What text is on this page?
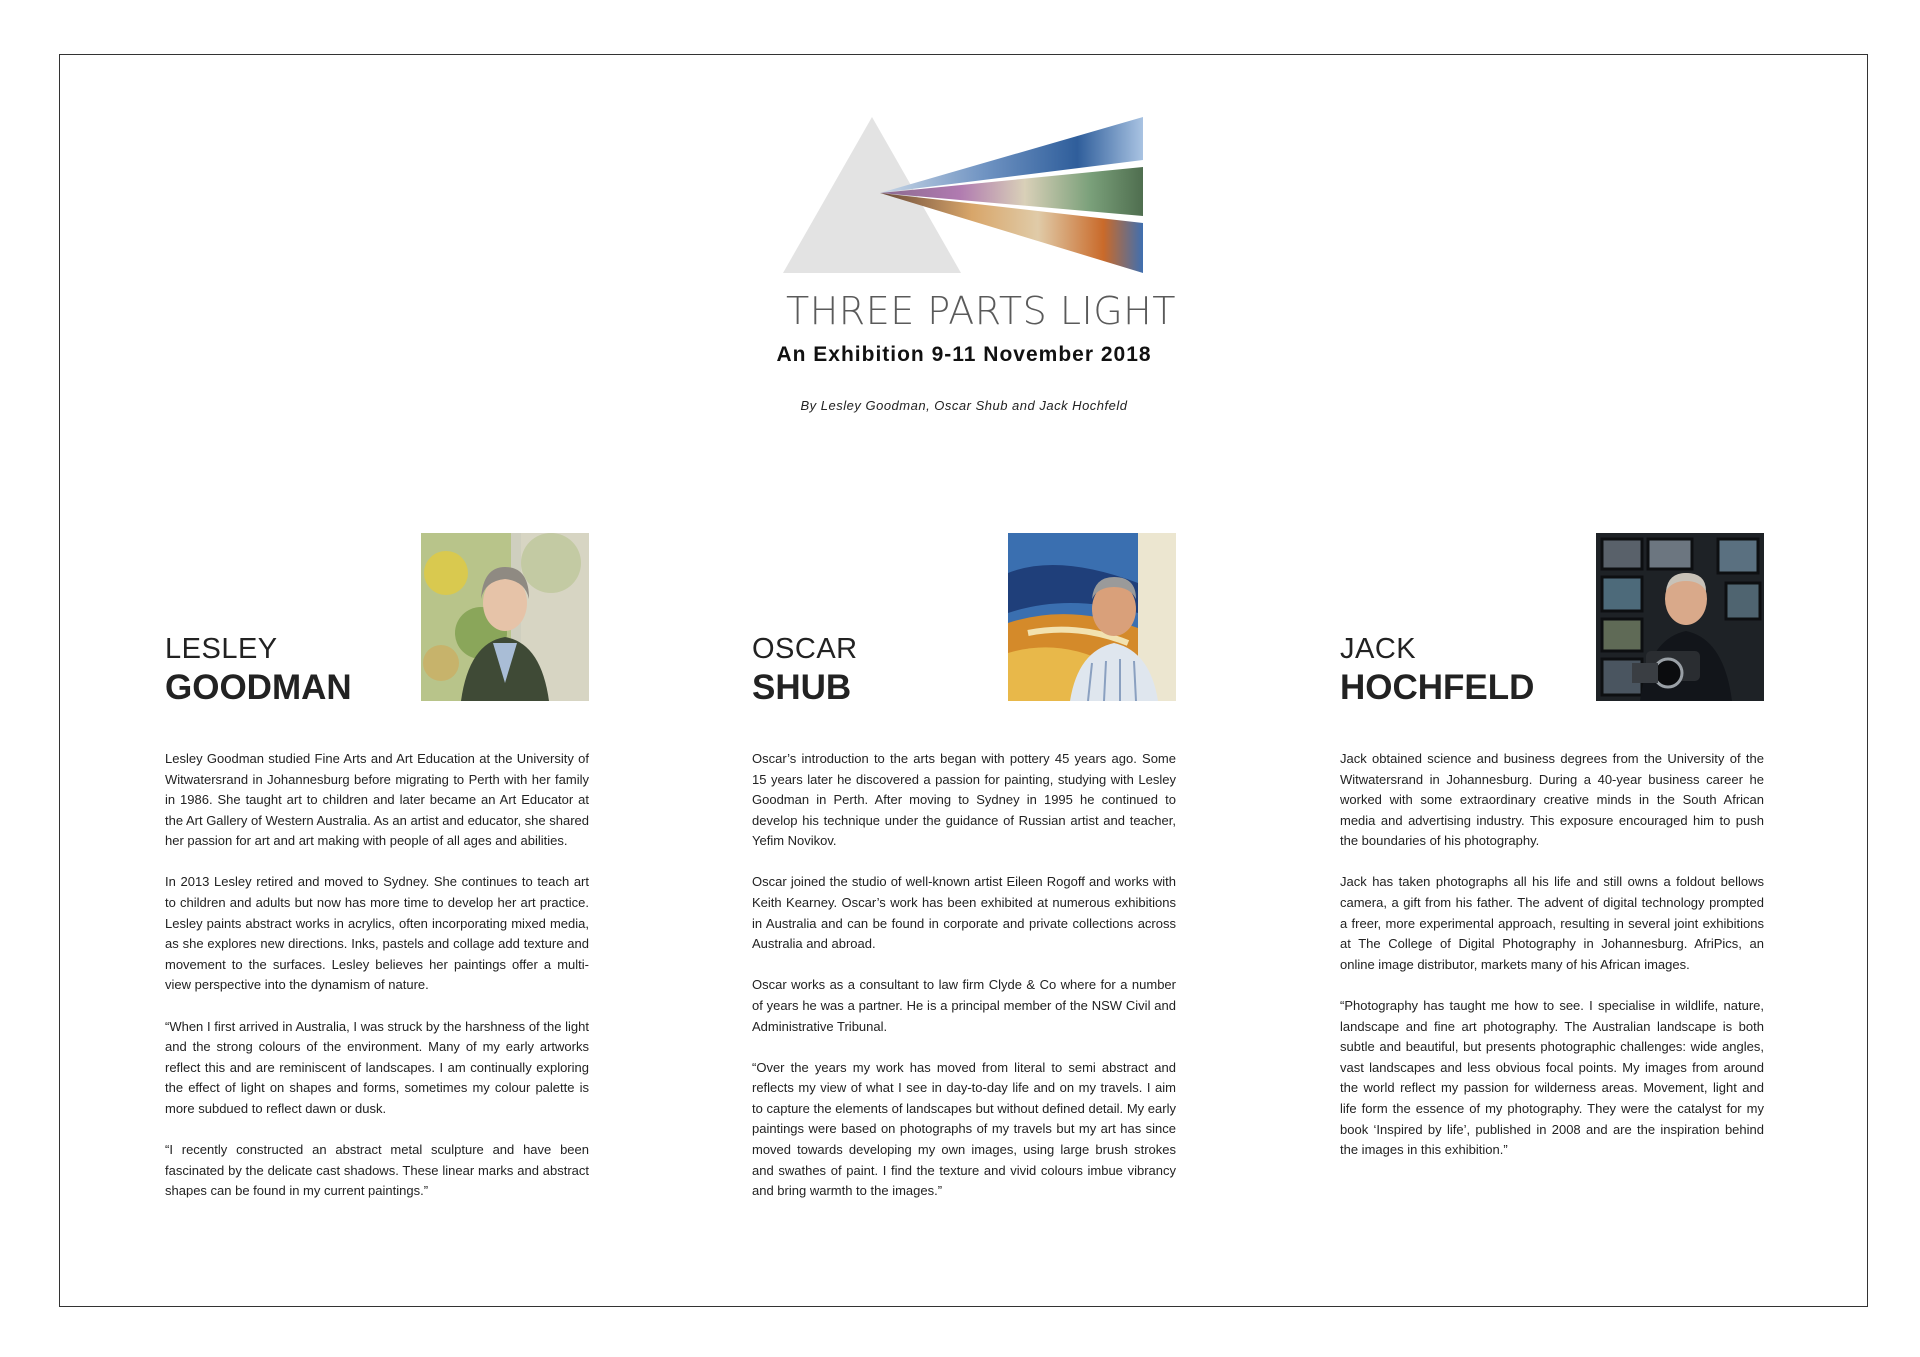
THREE PARTS LIGHT
An Exhibition 9-11 November 2018
By Lesley Goodman, Oscar Shub and Jack Hochfeld
LESLEY
GOODMAN

Lesley Goodman studied Fine Arts and Art Education at the University of Witwatersrand in Johannesburg before migrating to Perth with her family in 1986. She taught art to children and later became an Art Educator at the Art Gallery of Western Australia. As an artist and educator, she shared her passion for art and art making with people of all ages and abilities.

In 2013 Lesley retired and moved to Sydney. She continues to teach art to children and adults but now has more time to develop her art practice. Lesley paints abstract works in acrylics, often incorporating mixed media, as she explores new directions. Inks, pastels and collage add texture and movement to the surfaces. Lesley believes her paintings offer a multi-view perspective into the dynamism of nature.

“When I first arrived in Australia, I was struck by the harshness of the light and the strong colours of the environment. Many of my early artworks reflect this and are reminiscent of landscapes. I am continually exploring the effect of light on shapes and forms, sometimes my colour palette is more subdued to reflect dawn or dusk.

“I recently constructed an abstract metal sculpture and have been fascinated by the delicate cast shadows. These linear marks and abstract shapes can be found in my current paintings.”

OSCAR
SHUB

Oscar’s introduction to the arts began with pottery 45 years ago. Some 15 years later he discovered a passion for painting, studying with Lesley Goodman in Perth. After moving to Sydney in 1995 he continued to develop his technique under the guidance of Russian artist and teacher, Yefim Novikov.

Oscar joined the studio of well-known artist Eileen Rogoff and works with Keith Kearney. Oscar’s work has been exhibited at numerous exhibitions in Australia and can be found in corporate and private collections across Australia and abroad.

Oscar works as a consultant to law firm Clyde & Co where for a number of years he was a partner. He is a principal member of the NSW Civil and Administrative Tribunal.

“Over the years my work has moved from literal to semi abstract and reflects my view of what I see in day-to-day life and on my travels. I aim to capture the elements of landscapes but without defined detail. My early paintings were based on photographs of my travels but my art has since moved towards developing my own images, using large brush strokes and swathes of paint. I find the texture and vivid colours imbue vibrancy and bring warmth to the images.”

JACK
HOCHFELD

Jack obtained science and business degrees from the University of the Witwatersrand in Johannesburg. During a 40-year business career he worked with some extraordinary creative minds in the South African media and advertising industry. This exposure encouraged him to push the boundaries of his photography.

Jack has taken photographs all his life and still owns a foldout bellows camera, a gift from his father. The advent of digital technology prompted a freer, more experimental approach, resulting in several joint exhibitions at The College of Digital Photography in Johannesburg. AfriPics, an online image distributor, markets many of his African images.

“Photography has taught me how to see. I specialise in wildlife, nature, landscape and fine art photography. The Australian landscape is both subtle and beautiful, but presents photographic challenges: wide angles, vast landscapes and less obvious focal points. My images from around the world reflect my passion for wilderness areas. Movement, light and life form the essence of my photography. They were the catalyst for my book ‘Inspired by life’, published in 2008 and are the inspiration behind the images in this exhibition.”
